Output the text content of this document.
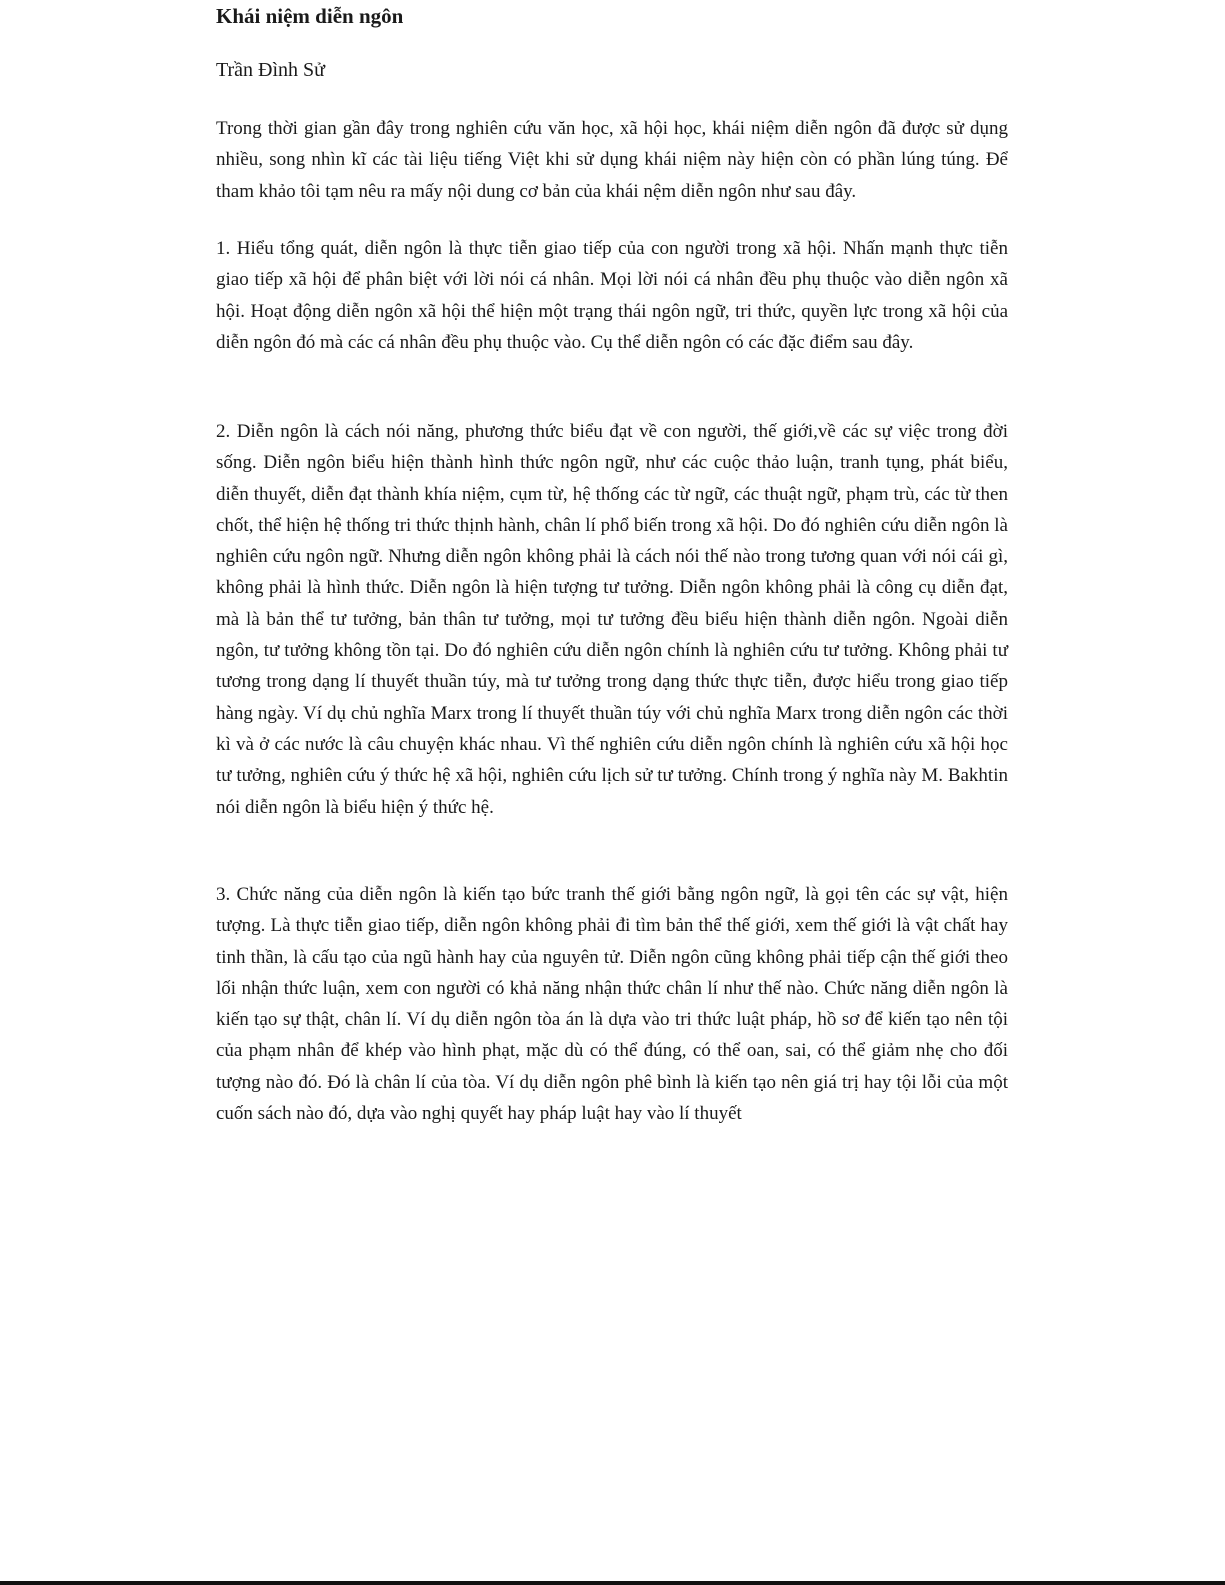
Khái niệm diễn ngôn

Trần Đình Sử

Trong thời gian gần đây trong nghiên cứu văn học, xã hội học, khái niệm diễn ngôn đã được sử dụng nhiều, song nhìn kĩ các tài liệu tiếng Việt khi sử dụng khái niệm này hiện còn có phần lúng túng. Để tham khảo tôi tạm nêu ra mấy nội dung cơ bản của khái nệm diễn ngôn như sau đây.

1. Hiểu tổng quát, diễn ngôn là thực tiễn giao tiếp của con người trong xã hội. Nhấn mạnh thực tiễn giao tiếp xã hội để phân biệt với lời nói cá nhân. Mọi lời nói cá nhân đều phụ thuộc vào diễn ngôn xã hội. Hoạt động diễn ngôn xã hội thể hiện một trạng thái ngôn ngữ, tri thức, quyền lực trong xã hội của diễn ngôn đó mà các cá nhân đều phụ thuộc vào. Cụ thể diễn ngôn có các đặc điểm sau đây.

2. Diễn ngôn là cách nói năng, phương thức biểu đạt về con người, thế giới,về các sự việc trong đời sống. Diễn ngôn biểu hiện thành hình thức ngôn ngữ, như các cuộc thảo luận, tranh tụng, phát biểu, diễn thuyết, diễn đạt thành khía niệm, cụm từ, hệ thống các từ ngữ, các thuật ngữ, phạm trù, các từ then chốt, thể hiện hệ thống tri thức thịnh hành, chân lí phổ biến trong xã hội. Do đó nghiên cứu diễn ngôn là nghiên cứu ngôn ngữ. Nhưng diễn ngôn không phải là cách nói thế nào trong tương quan với nói cái gì, không phải là hình thức. Diễn ngôn là hiện tượng tư tưởng. Diễn ngôn không phải là công cụ diễn đạt, mà là bản thể tư tưởng, bản thân tư tưởng, mọi tư tưởng đều biểu hiện thành diễn ngôn. Ngoài diễn ngôn, tư tưởng không tồn tại. Do đó nghiên cứu diễn ngôn chính là nghiên cứu tư tưởng. Không phải tư tương trong dạng lí thuyết thuần túy, mà tư tưởng trong dạng thức thực tiễn, được hiểu trong giao tiếp hàng ngày. Ví dụ chủ nghĩa Marx trong lí thuyết thuần túy với chủ nghĩa Marx trong diễn ngôn các thời kì và ở các nước là câu chuyện khác nhau. Vì thế nghiên cứu diễn ngôn chính là nghiên cứu xã hội học tư tưởng, nghiên cứu ý thức hệ xã hội, nghiên cứu lịch sử tư tưởng. Chính trong ý nghĩa này M. Bakhtin nói diễn ngôn là biểu hiện ý thức hệ.

3. Chức năng của diễn ngôn là kiến tạo bức tranh thế giới bằng ngôn ngữ, là gọi tên các sự vật, hiện tượng. Là thực tiễn giao tiếp, diễn ngôn không phải đi tìm bản thể thế giới, xem thế giới là vật chất hay tinh thần, là cấu tạo của ngũ hành hay của nguyên tử. Diễn ngôn cũng không phải tiếp cận thế giới theo lối nhận thức luận, xem con người có khả năng nhận thức chân lí như thế nào. Chức năng diễn ngôn là kiến tạo sự thật, chân lí. Ví dụ diễn ngôn tòa án là dựa vào tri thức luật pháp, hồ sơ để kiến tạo nên tội của phạm nhân để khép vào hình phạt, mặc dù có thể đúng, có thể oan, sai, có thể giảm nhẹ cho đối tượng nào đó. Đó là chân lí của tòa. Ví dụ diễn ngôn phê bình là kiến tạo nên giá trị hay tội lỗi của một cuốn sách nào đó, dựa vào nghị quyết hay pháp luật hay vào lí thuyết
